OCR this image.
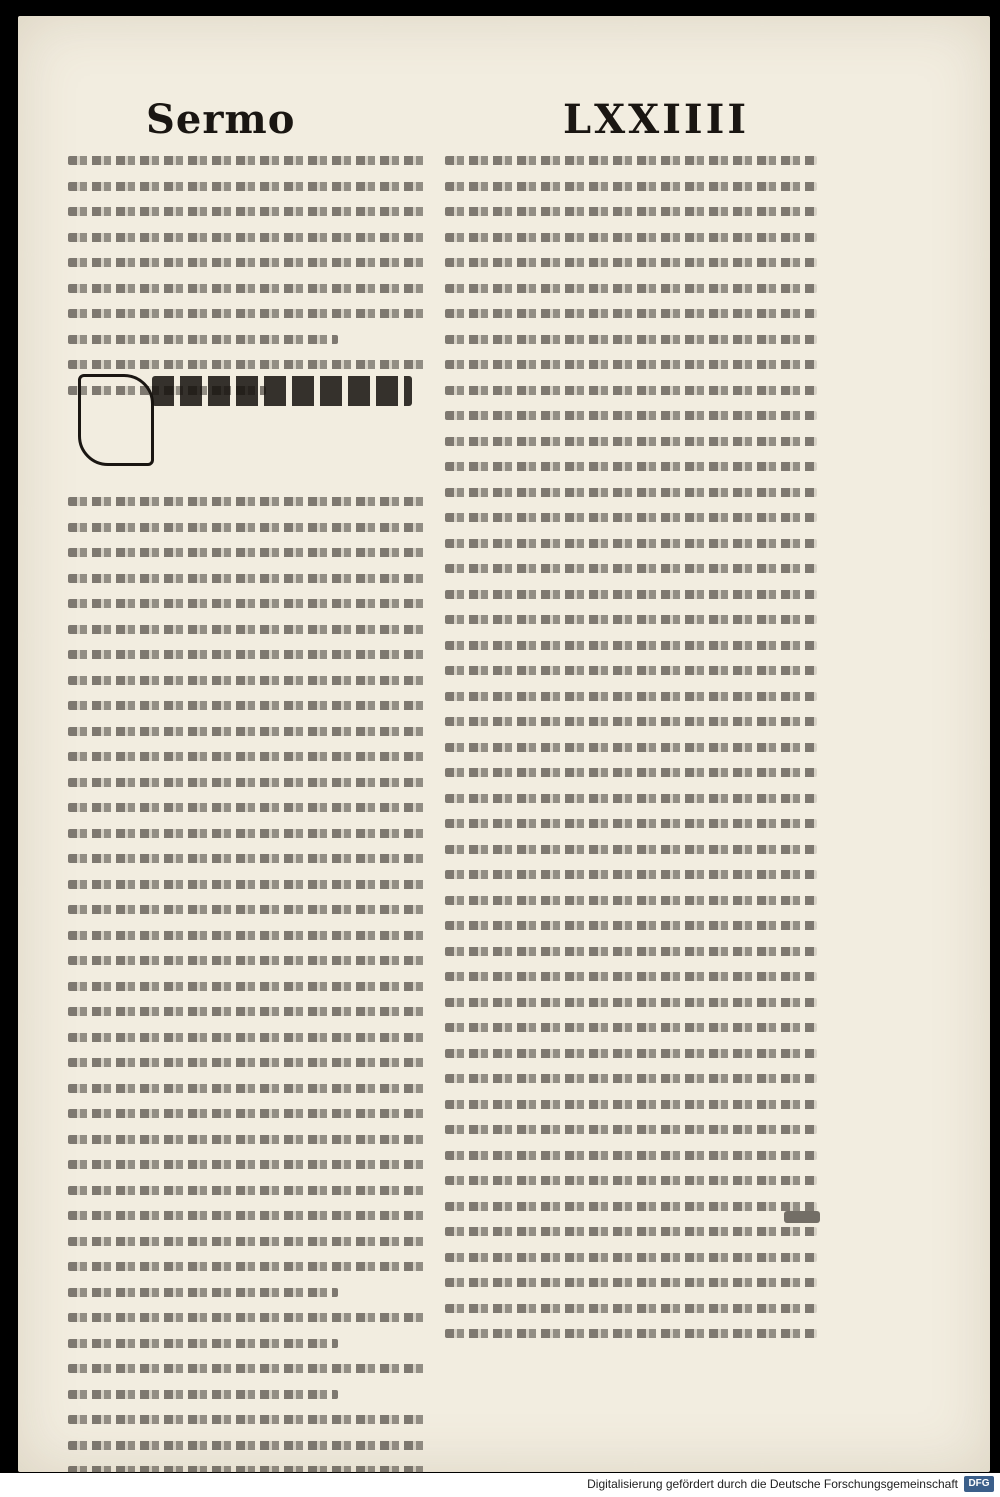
Sermo	LXXIIII
Digitalisierung gefördert durch die Deutsche Forschungsgemeinschaft	DFG
